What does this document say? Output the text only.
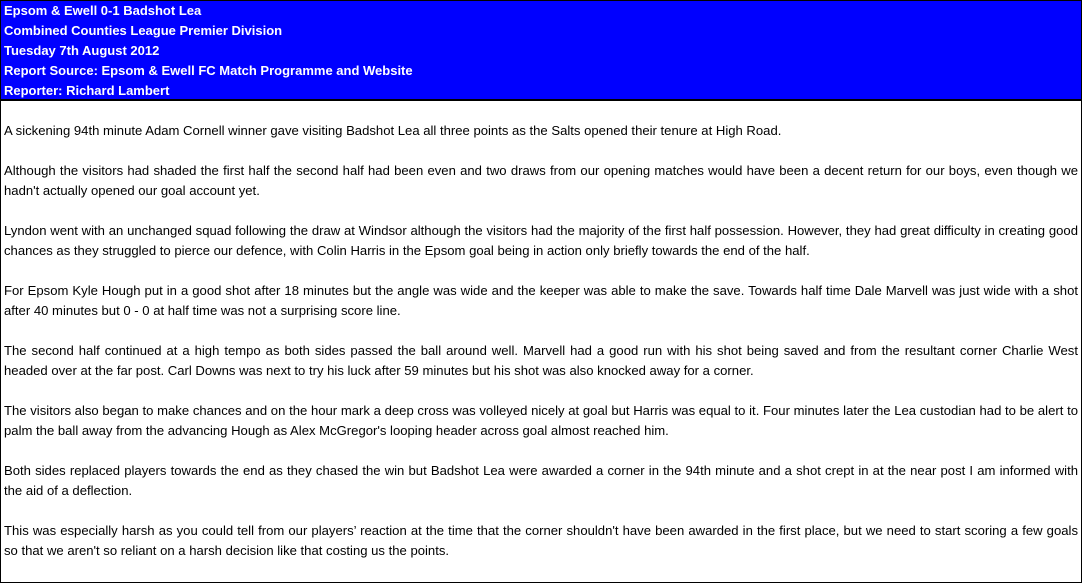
Epsom & Ewell 0-1 Badshot Lea
Combined Counties League Premier Division
Tuesday 7th August 2012
Report Source: Epsom & Ewell FC Match Programme and Website
Reporter: Richard Lambert

A sickening 94th minute Adam Cornell winner gave visiting Badshot Lea all three points as the Salts opened their tenure at High Road.

Although the visitors had shaded the first half the second half had been even and two draws from our opening matches would have been a decent return for our boys, even though we hadn't actually opened our goal account yet.

Lyndon went with an unchanged squad following the draw at Windsor although the visitors had the majority of the first half possession. However, they had great difficulty in creating good chances as they struggled to pierce our defence, with Colin Harris in the Epsom goal being in action only briefly towards the end of the half.

For Epsom Kyle Hough put in a good shot after 18 minutes but the angle was wide and the keeper was able to make the save. Towards half time Dale Marvell was just wide with a shot after 40 minutes but 0 - 0 at half time was not a surprising score line.

The second half continued at a high tempo as both sides passed the ball around well. Marvell had a good run with his shot being saved and from the resultant corner Charlie West headed over at the far post. Carl Downs was next to try his luck after 59 minutes but his shot was also knocked away for a corner.

The visitors also began to make chances and on the hour mark a deep cross was volleyed nicely at goal but Harris was equal to it. Four minutes later the Lea custodian had to be alert to palm the ball away from the advancing Hough as Alex McGregor's looping header across goal almost reached him.

Both sides replaced players towards the end as they chased the win but Badshot Lea were awarded a corner in the 94th minute and a shot crept in at the near post I am informed with the aid of a deflection.

This was especially harsh as you could tell from our players’ reaction at the time that the corner shouldn't have been awarded in the first place, but we need to start scoring a few goals so that we aren't so reliant on a harsh decision like that costing us the points.
